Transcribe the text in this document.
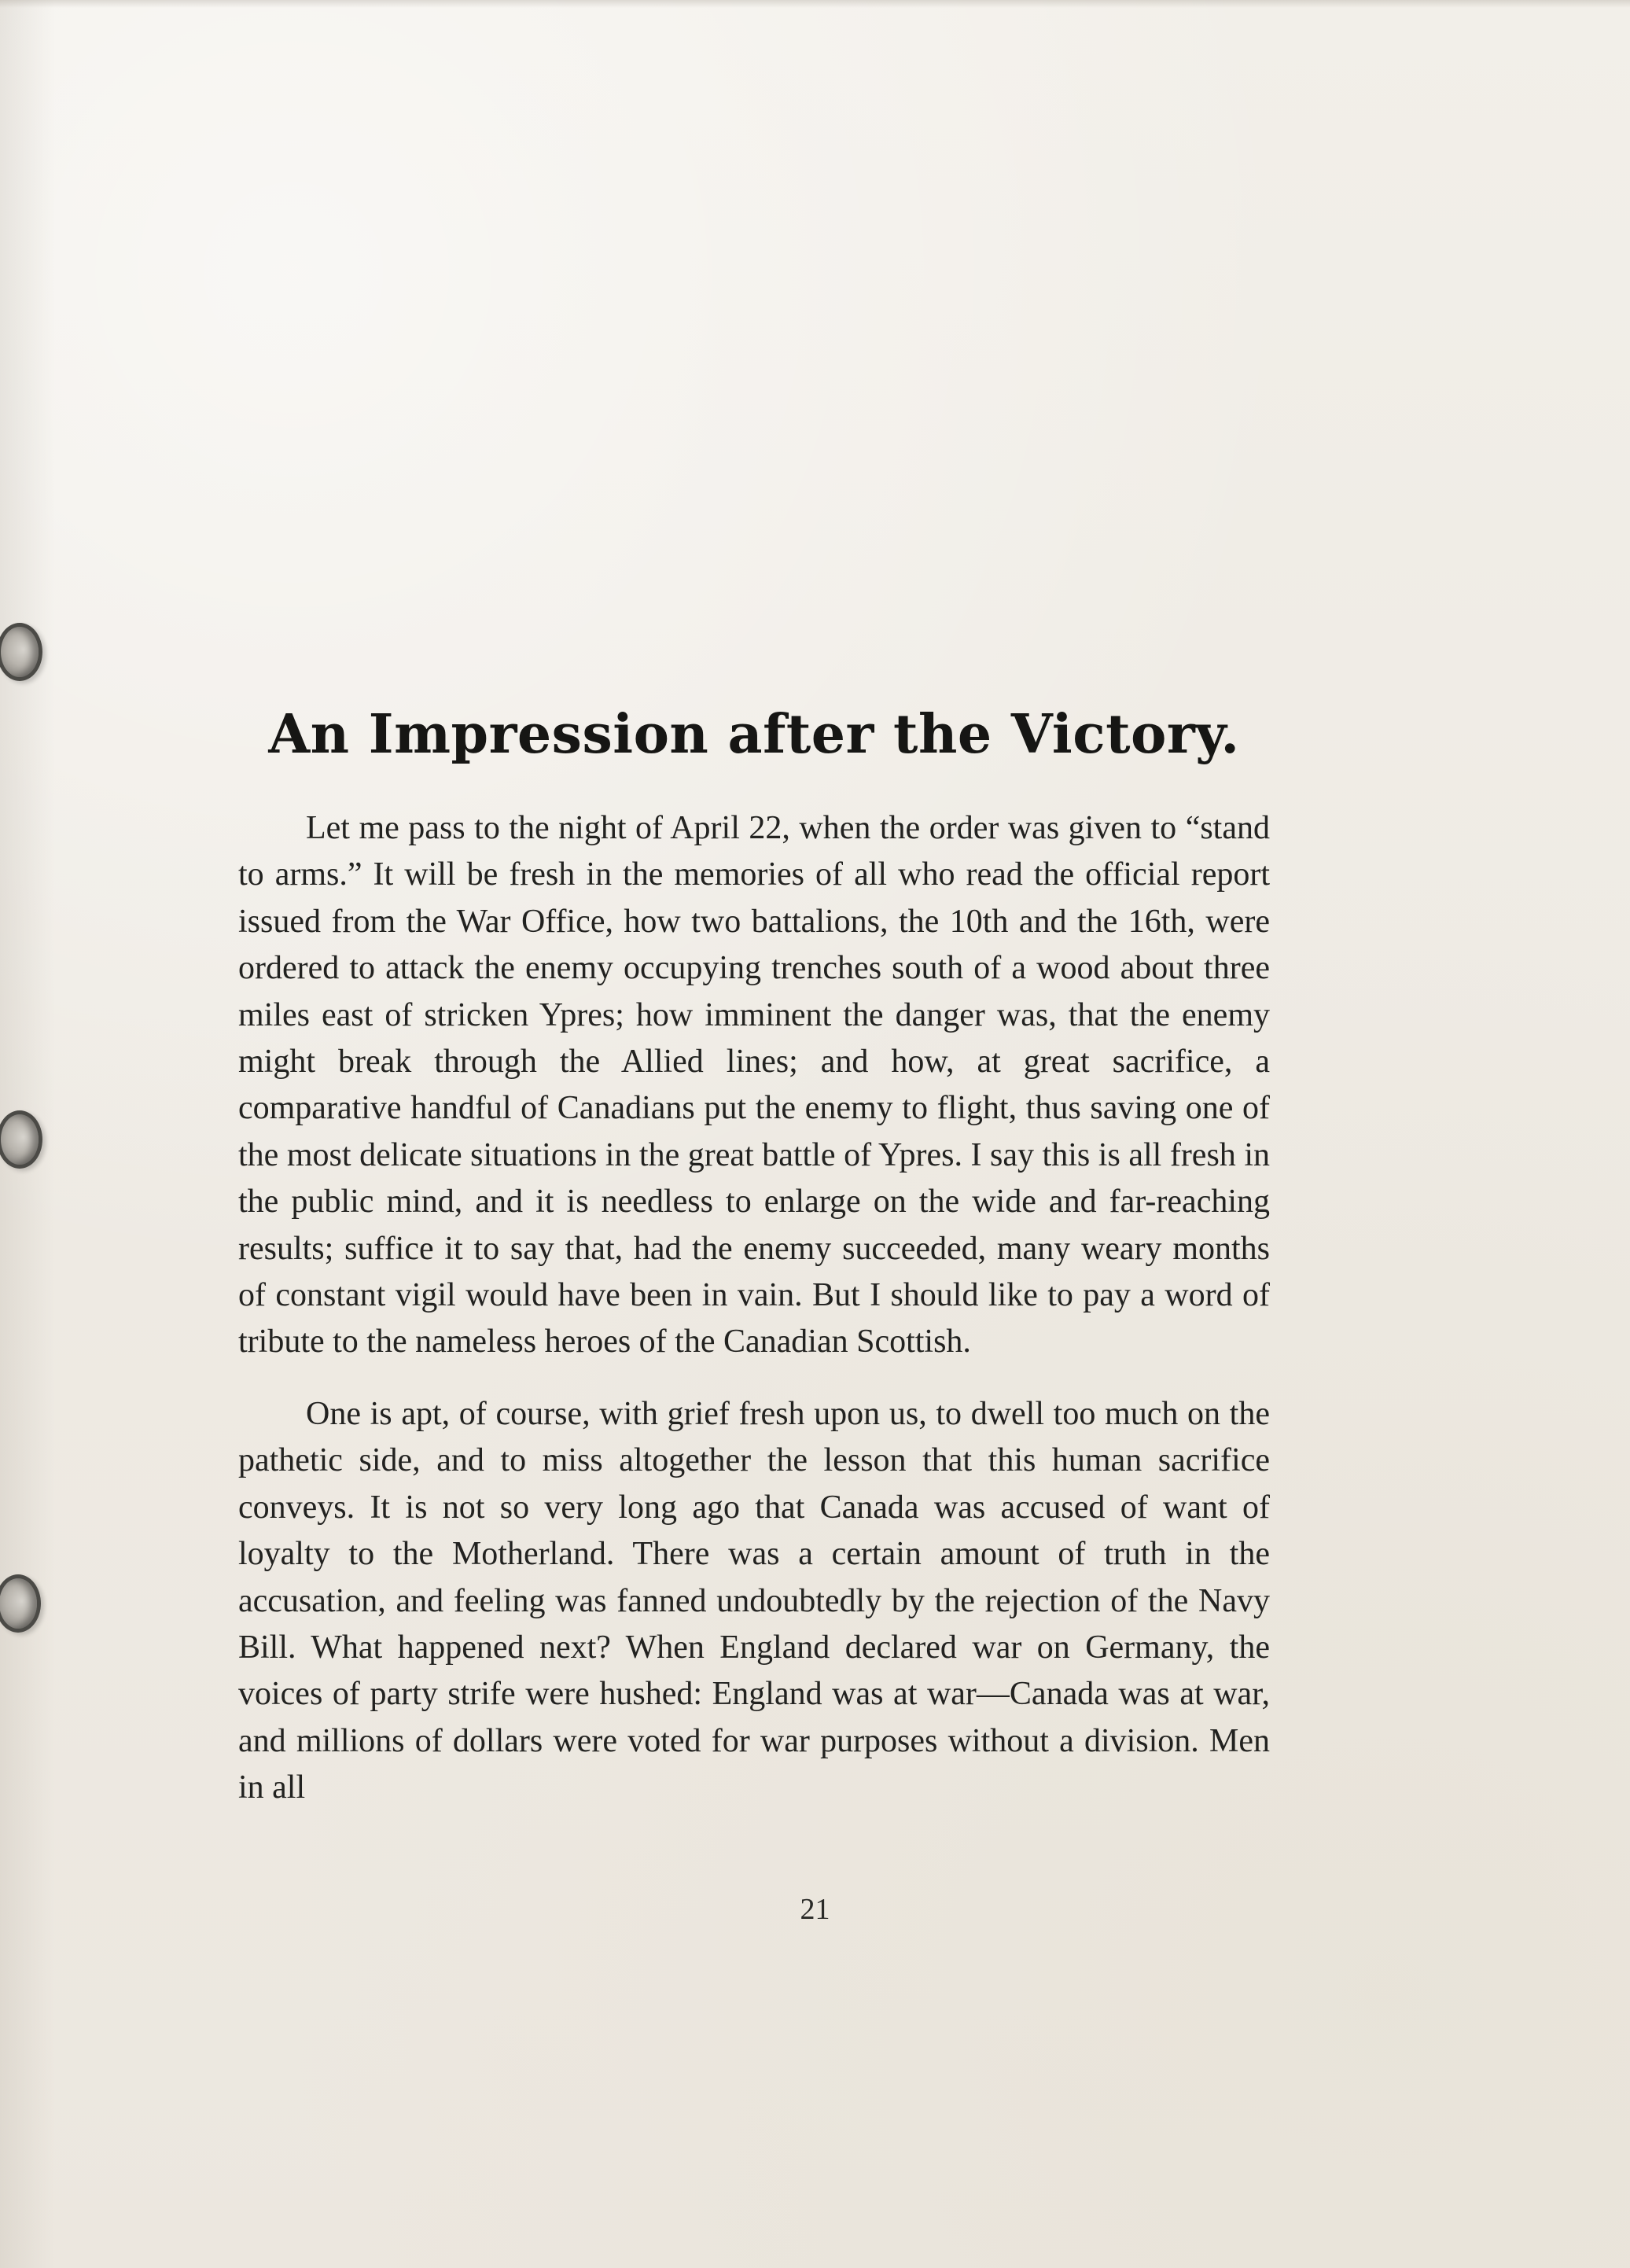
An Impression after the Victory.

Let me pass to the night of April 22, when the order was given to “stand to arms.” It will be fresh in the memories of all who read the official report issued from the War Office, how two battalions, the 10th and the 16th, were ordered to attack the enemy occupying trenches south of a wood about three miles east of stricken Ypres; how imminent the danger was, that the enemy might break through the Allied lines; and how, at great sacrifice, a comparative handful of Canadians put the enemy to flight, thus saving one of the most delicate situations in the great battle of Ypres. I say this is all fresh in the public mind, and it is needless to enlarge on the wide and far-reaching results; suffice it to say that, had the enemy succeeded, many weary months of constant vigil would have been in vain. But I should like to pay a word of tribute to the nameless heroes of the Canadian Scottish.

One is apt, of course, with grief fresh upon us, to dwell too much on the pathetic side, and to miss altogether the lesson that this human sacrifice conveys. It is not so very long ago that Canada was accused of want of loyalty to the Motherland. There was a certain amount of truth in the accusation, and feeling was fanned undoubtedly by the rejection of the Navy Bill. What happened next? When England declared war on Germany, the voices of party strife were hushed: England was at war—Canada was at war, and millions of dollars were voted for war purposes without a division. Men in all

21
